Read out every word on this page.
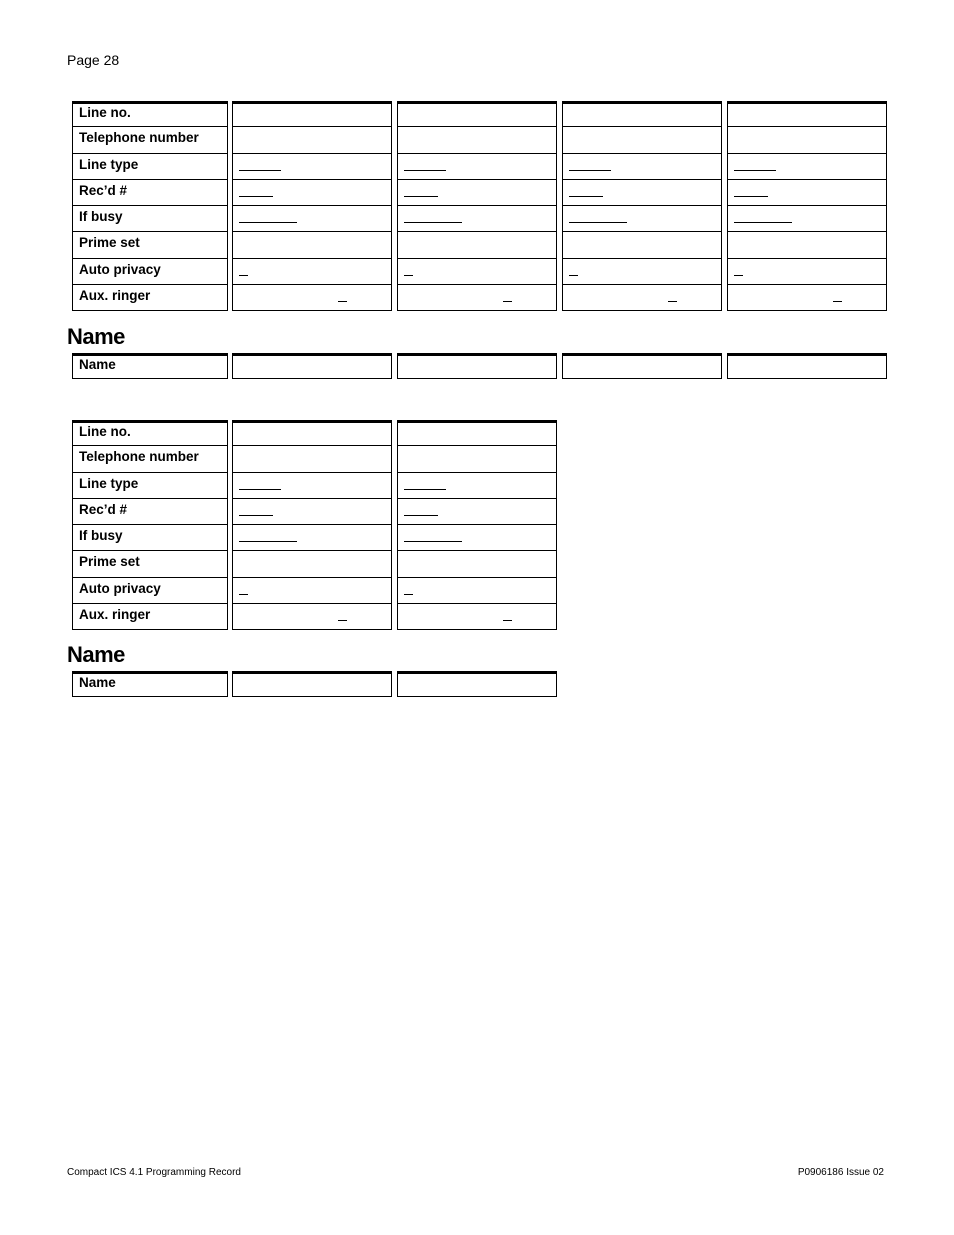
Page 28
Line no.
Telephone number
Line type
Rec’d #
If busy
Prime set
Auto privacy
Aux. ringer
Name
Name
Line no.
Telephone number
Line type
Rec’d #
If busy
Prime set
Auto privacy
Aux. ringer
Name
Name
Compact ICS 4.1 Programming Record	P0906186 Issue 02
